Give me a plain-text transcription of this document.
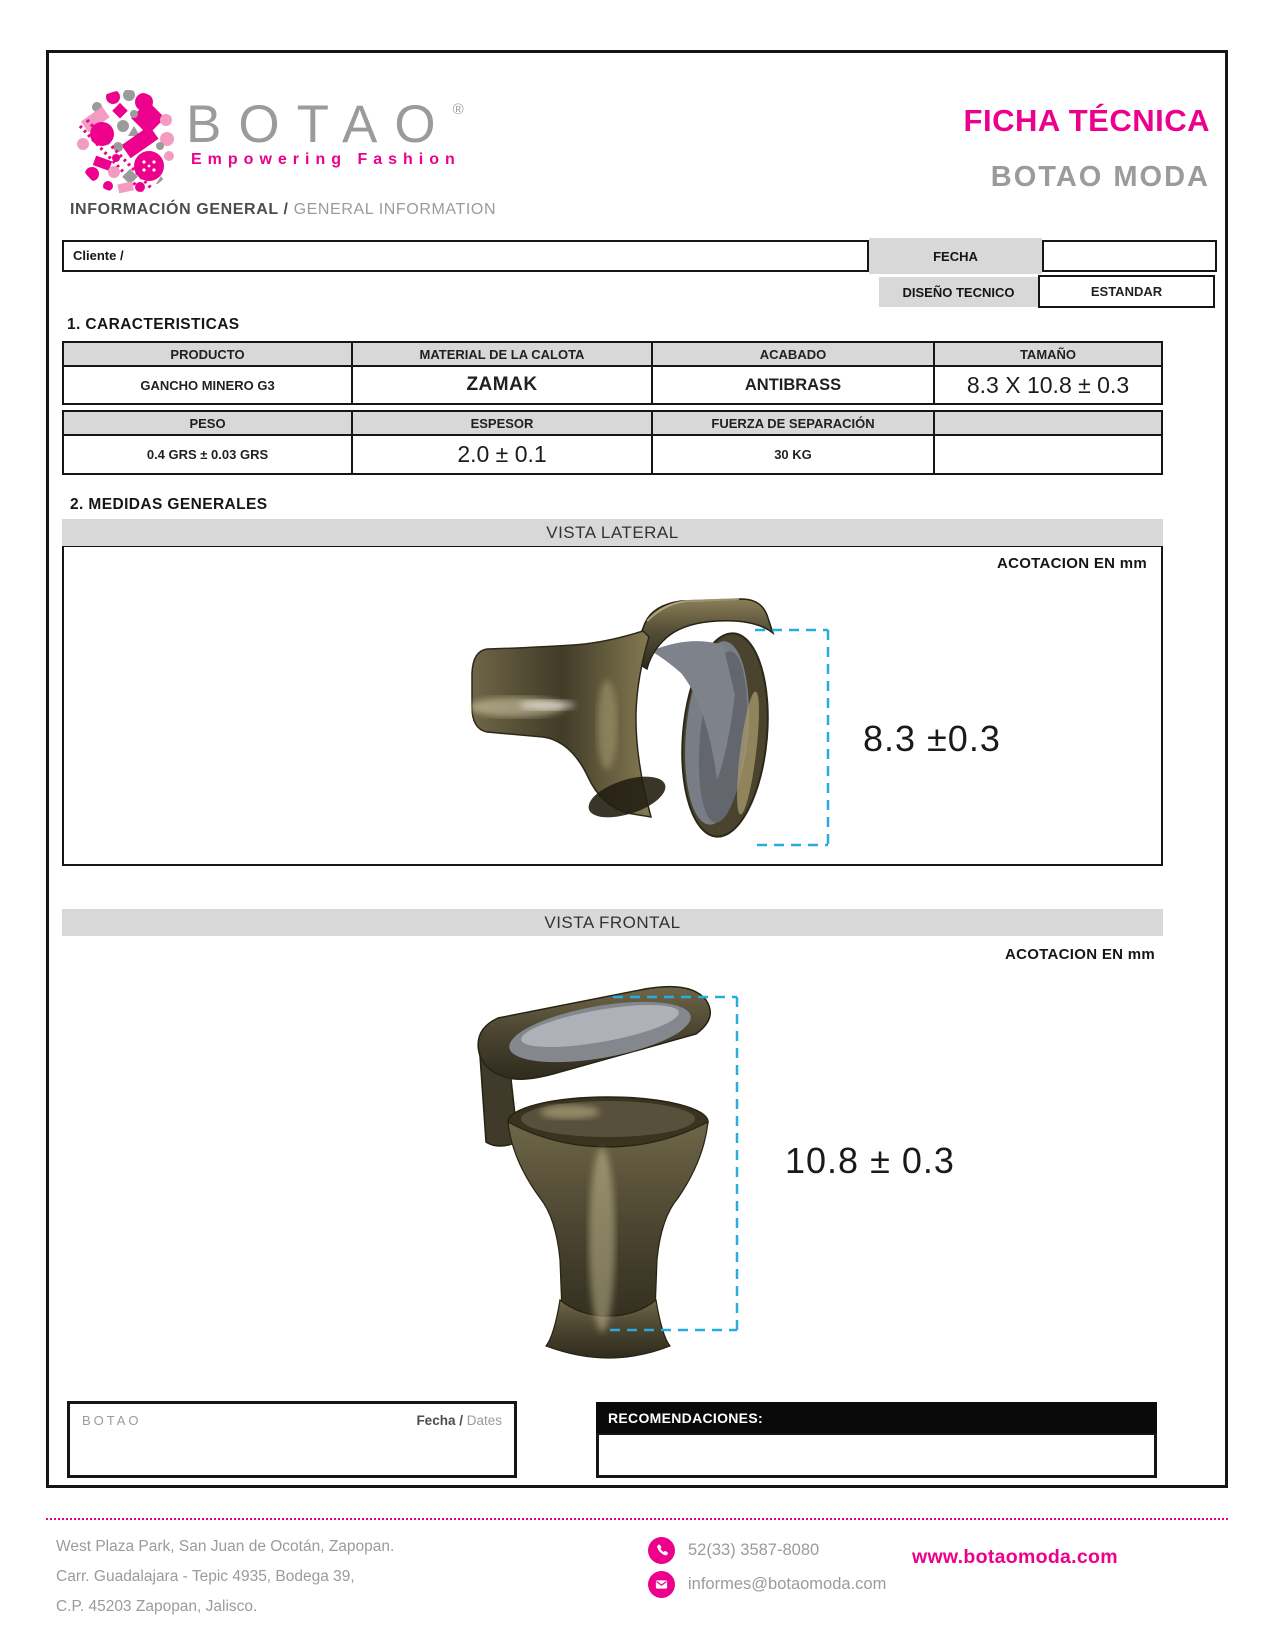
BOTAO®
Empowering Fashion
FICHA TÉCNICA
BOTAO MODA
INFORMACIÓN GENERAL / GENERAL INFORMATION
Cliente /	FECHA
DISEÑO TECNICO	ESTANDAR
1. CARACTERISTICAS
PRODUCTO	MATERIAL DE LA CALOTA	ACABADO	TAMAÑO
GANCHO MINERO G3	ZAMAK	ANTIBRASS	8.3 X 10.8 ± 0.3
PESO	ESPESOR	FUERZA DE SEPARACIÓN
0.4 GRS ± 0.03 GRS	2.0 ± 0.1	30 KG
2. MEDIDAS GENERALES
VISTA LATERAL
ACOTACION EN mm
8.3 ±0.3
VISTA FRONTAL
ACOTACION EN mm
10.8 ± 0.3
BOTAO	Fecha / Dates	RECOMENDACIONES:
West Plaza Park, San Juan de Ocotán, Zapopan.
Carr. Guadalajara - Tepic 4935, Bodega 39,
C.P. 45203 Zapopan, Jalisco.
52(33) 3587-8080
informes@botaomoda.com
www.botaomoda.com
